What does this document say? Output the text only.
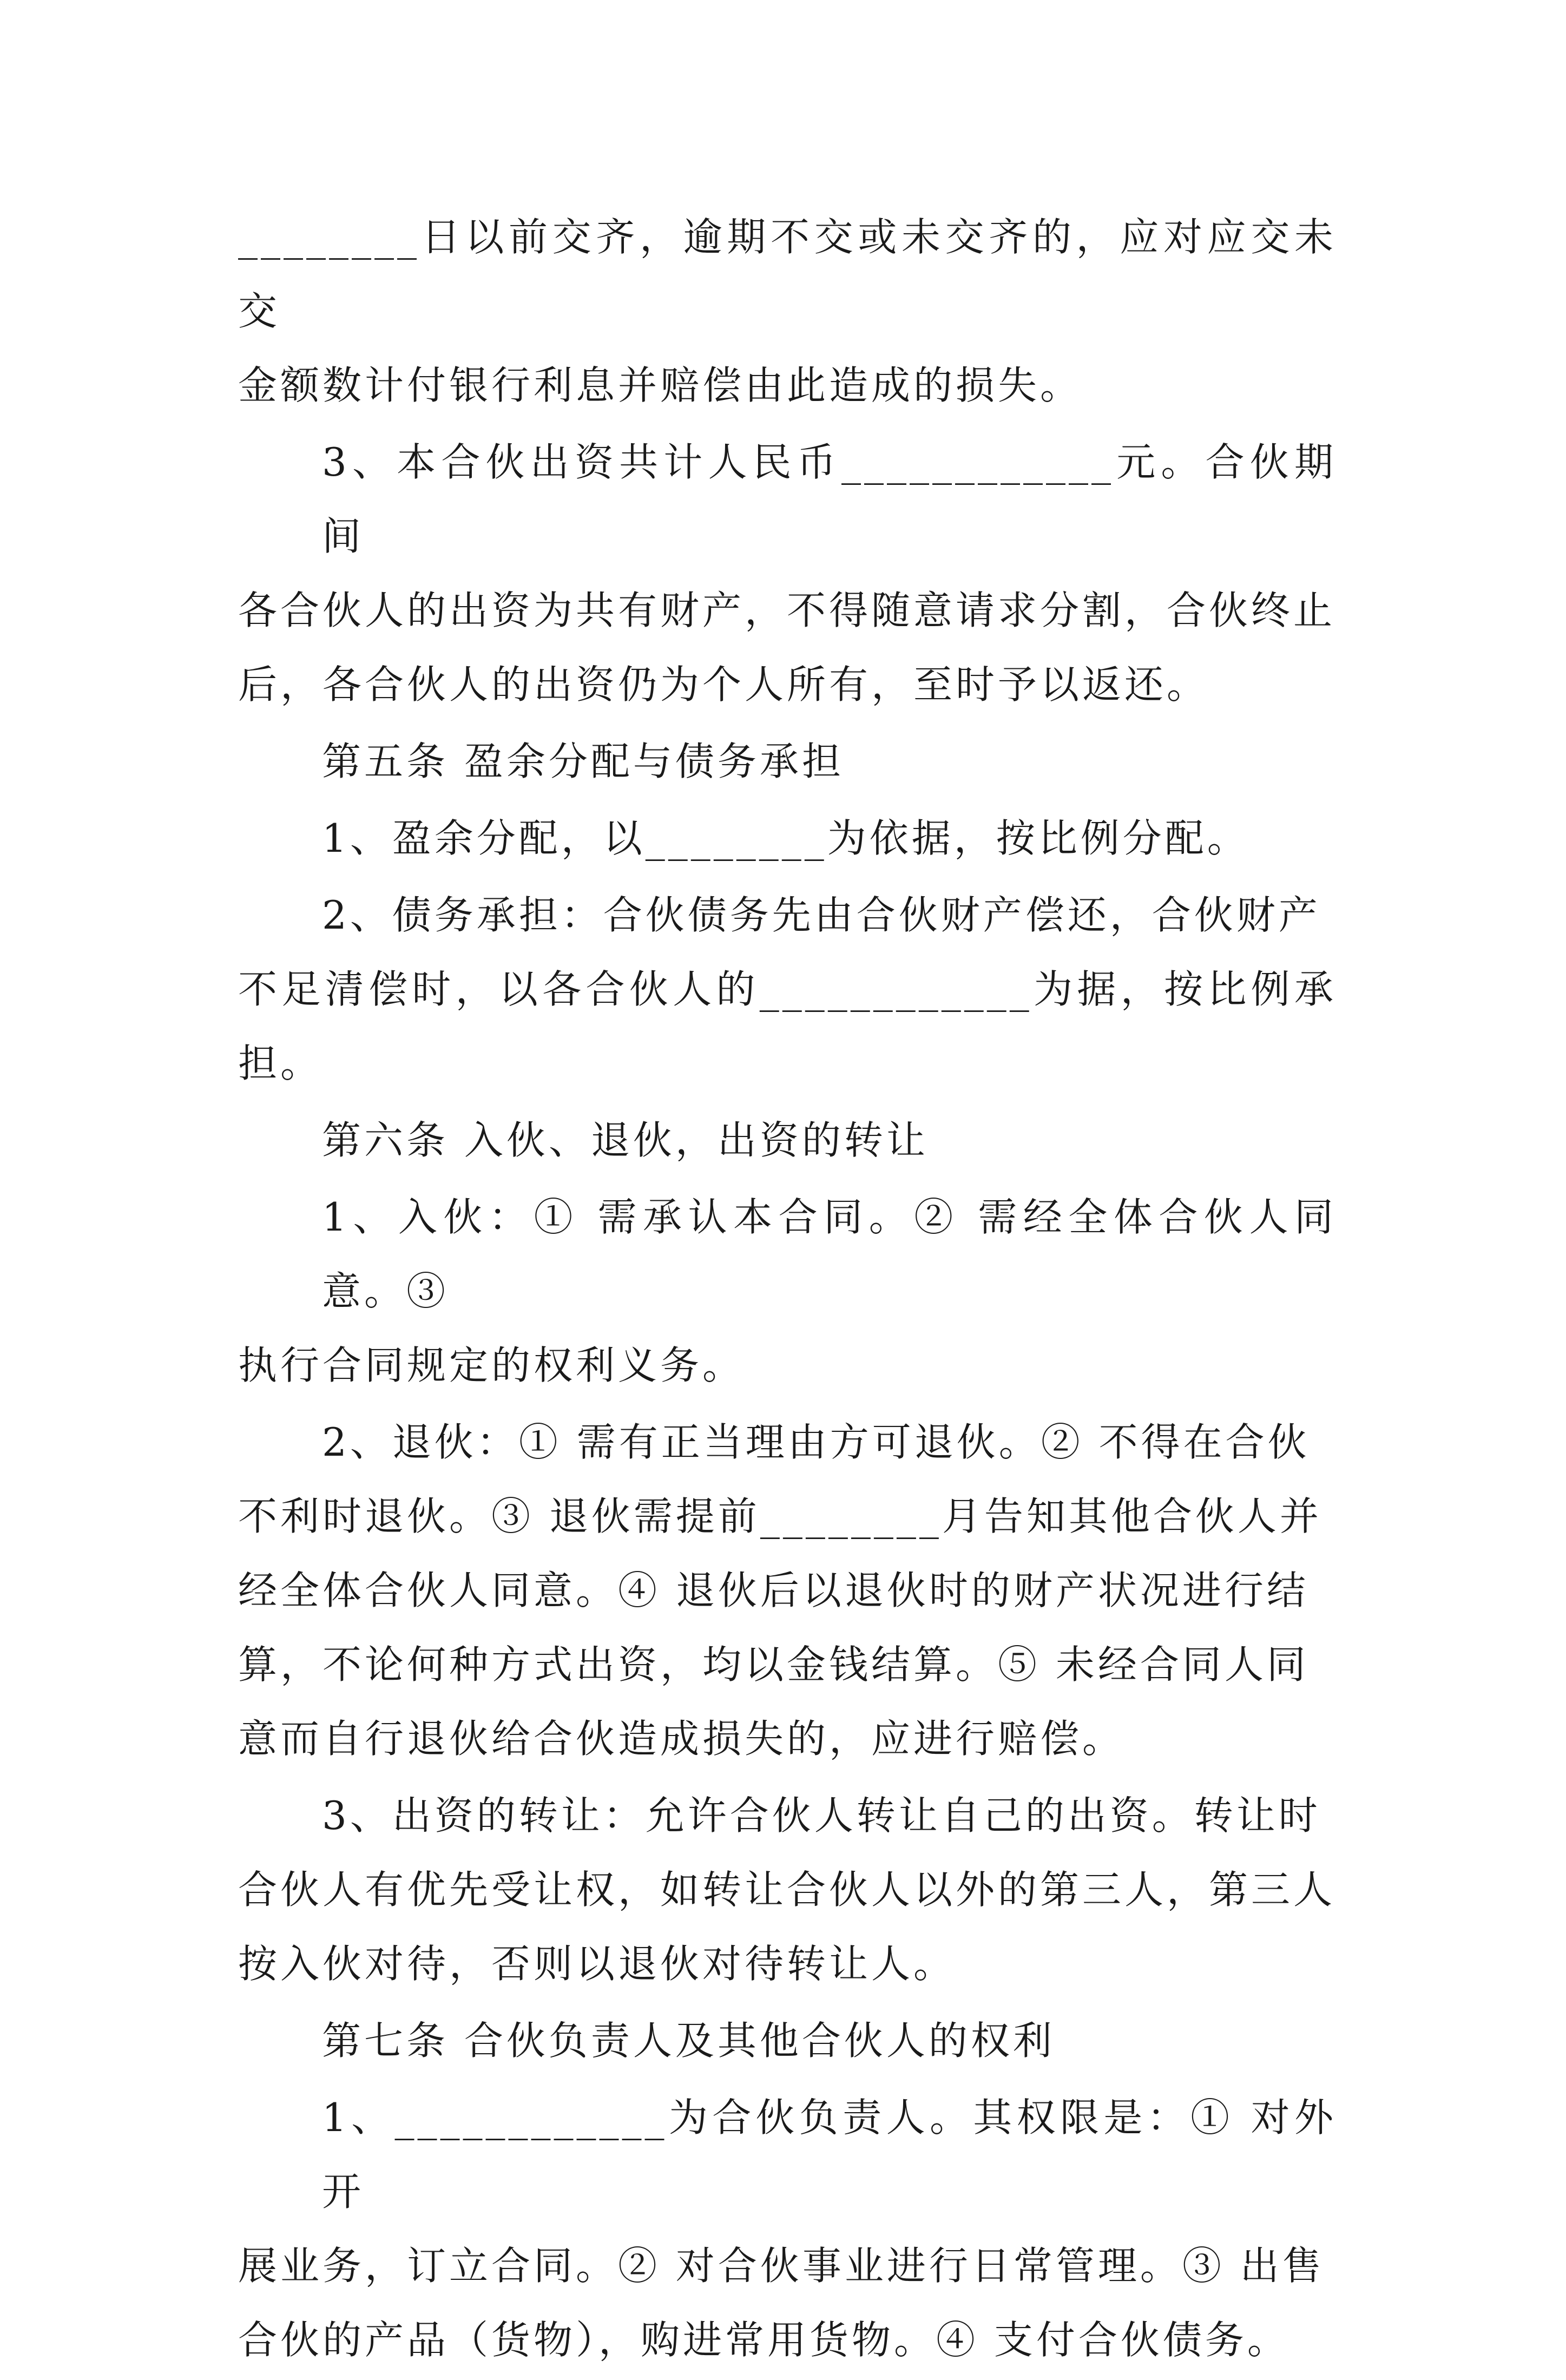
________日以前交齐，逾期不交或未交齐的，应对应交未交
金额数计付银行利息并赔偿由此造成的损失。

3、本合伙出资共计人民币____________元。合伙期间
各合伙人的出资为共有财产，不得随意请求分割，合伙终止
后，各合伙人的出资仍为个人所有，至时予以返还。

第五条 盈余分配与债务承担

1、盈余分配，以________为依据，按比例分配。

2、债务承担：合伙债务先由合伙财产偿还，合伙财产
不足清偿时，以各合伙人的____________为据，按比例承担。

第六条 入伙、退伙，出资的转让

1、入伙：① 需承认本合同。② 需经全体合伙人同意。③
执行合同规定的权利义务。

2、退伙：① 需有正当理由方可退伙。② 不得在合伙
不利时退伙。③ 退伙需提前________月告知其他合伙人并
经全体合伙人同意。④ 退伙后以退伙时的财产状况进行结
算，不论何种方式出资，均以金钱结算。⑤ 未经合同人同
意而自行退伙给合伙造成损失的，应进行赔偿。

3、出资的转让：允许合伙人转让自己的出资。转让时
合伙人有优先受让权，如转让合伙人以外的第三人，第三人
按入伙对待，否则以退伙对待转让人。

第七条 合伙负责人及其他合伙人的权利

1、____________为合伙负责人。其权限是：① 对外开
展业务，订立合同。② 对合伙事业进行日常管理。③ 出售
合伙的产品（货物），购进常用货物。④ 支付合伙债务。
